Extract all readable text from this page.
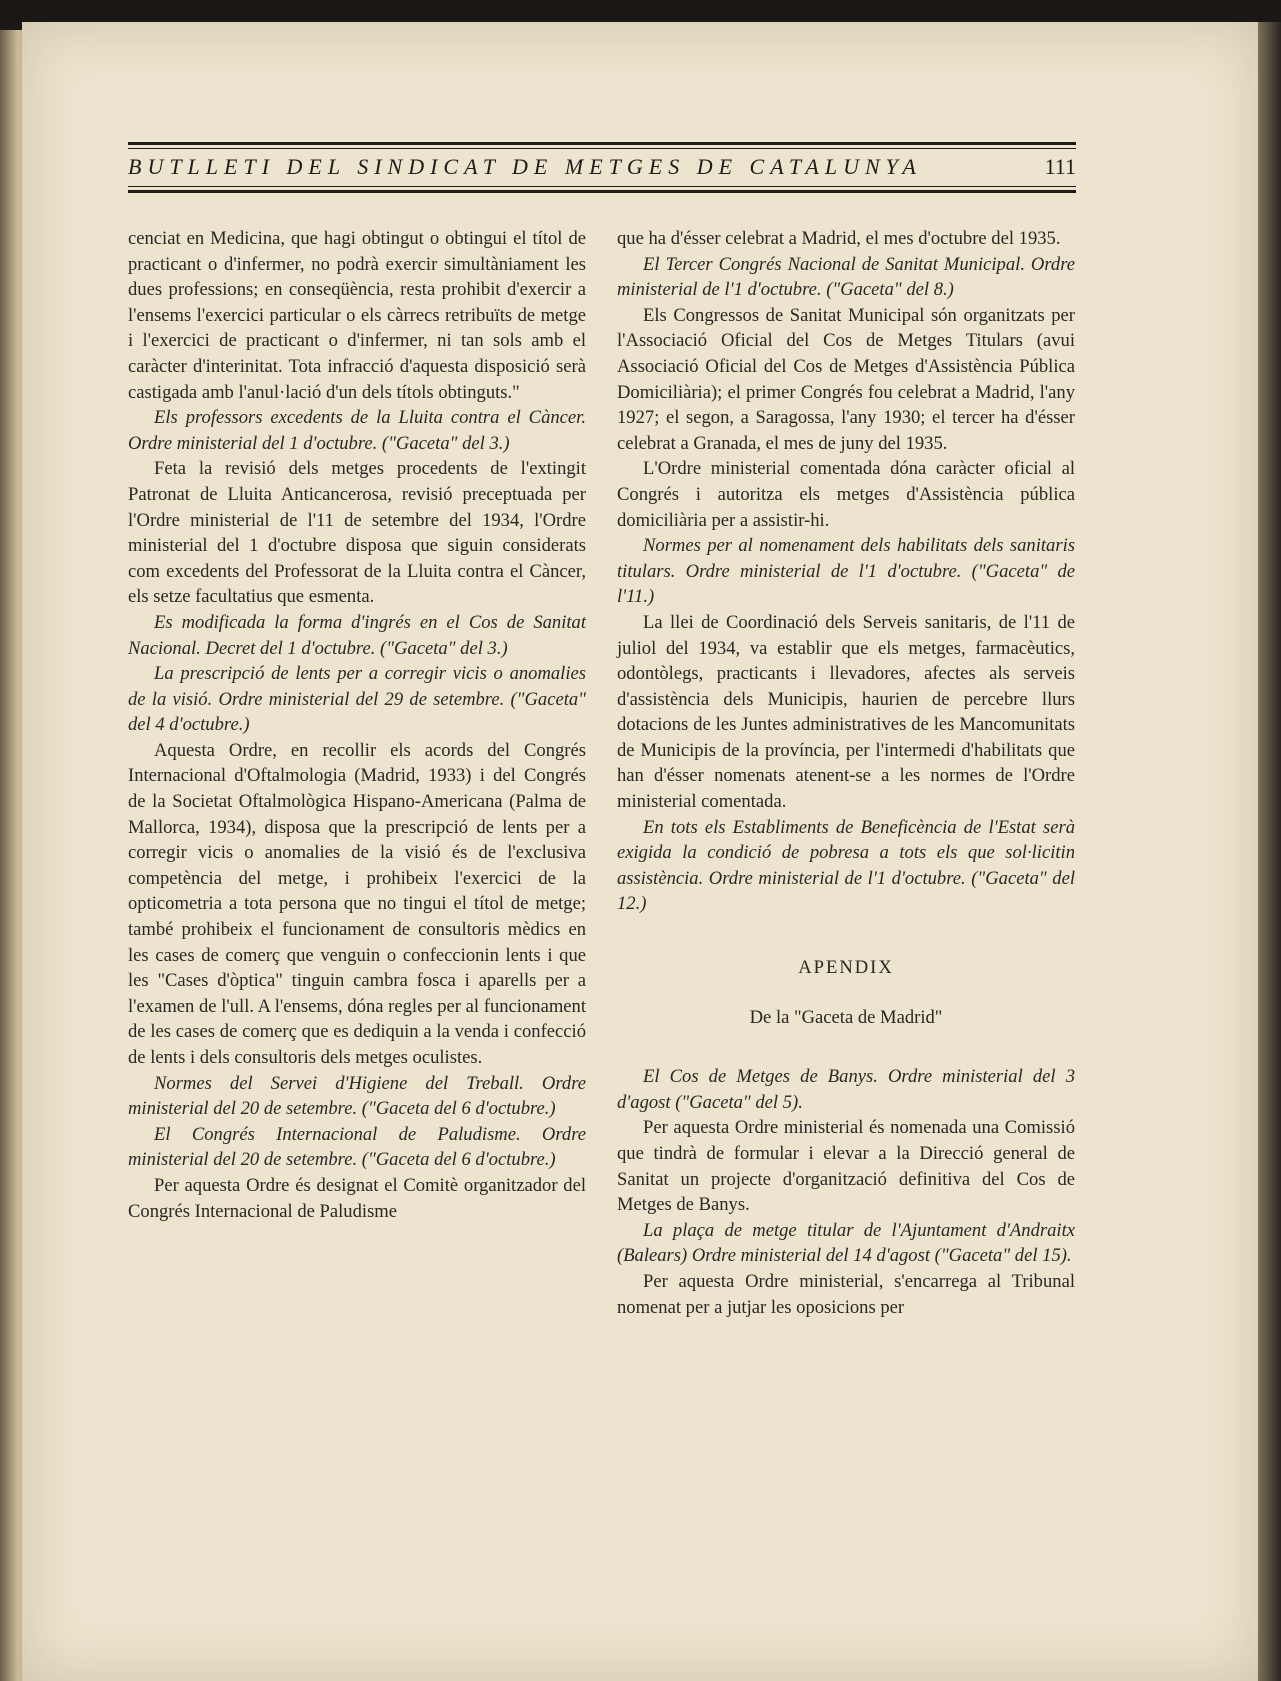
BUTLLETI DEL SINDICAT DE METGES DE CATALUNYA	111

cenciat en Medicina, que hagi obtingut o obtingui el títol de practicant o d'infermer, no podrà exercir simultàniament les dues professions; en conseqüència, resta prohibit d'exercir a l'ensems l'exercici particular o els càrrecs retribuïts de metge i l'exercici de practicant o d'infermer, ni tan sols amb el caràcter d'interinitat. Tota infracció d'aquesta disposició serà castigada amb l'anul·lació d'un dels títols obtinguts."

Els professors excedents de la Lluita contra el Càncer. Ordre ministerial del 1 d'octubre. ("Gaceta" del 3.)

Feta la revisió dels metges procedents de l'extingit Patronat de Lluita Anticancerosa, revisió preceptuada per l'Ordre ministerial de l'11 de setembre del 1934, l'Ordre ministerial del 1 d'octubre disposa que siguin considerats com excedents del Professorat de la Lluita contra el Càncer, els setze facultatius que esmenta.

Es modificada la forma d'ingrés en el Cos de Sanitat Nacional. Decret del 1 d'octubre. ("Gaceta" del 3.)

La prescripció de lents per a corregir vicis o anomalies de la visió. Ordre ministerial del 29 de setembre. ("Gaceta" del 4 d'octubre.)

Aquesta Ordre, en recollir els acords del Congrés Internacional d'Oftalmologia (Madrid, 1933) i del Congrés de la Societat Oftalmològica Hispano-Americana (Palma de Mallorca, 1934), disposa que la prescripció de lents per a corregir vicis o anomalies de la visió és de l'exclusiva competència del metge, i prohibeix l'exercici de la opticometria a tota persona que no tingui el títol de metge; també prohibeix el funcionament de consultoris mèdics en les cases de comerç que venguin o confeccionin lents i que les "Cases d'òptica" tinguin cambra fosca i aparells per a l'examen de l'ull. A l'ensems, dóna regles per al funcionament de les cases de comerç que es dediquin a la venda i confecció de lents i dels consultoris dels metges oculistes.

Normes del Servei d'Higiene del Treball. Ordre ministerial del 20 de setembre. ("Gaceta del 6 d'octubre.)

El Congrés Internacional de Paludisme. Ordre ministerial del 20 de setembre. ("Gaceta del 6 d'octubre.)

Per aquesta Ordre és designat el Comitè organitzador del Congrés Internacional de Paludisme

que ha d'ésser celebrat a Madrid, el mes d'octubre del 1935.

El Tercer Congrés Nacional de Sanitat Municipal. Ordre ministerial de l'1 d'octubre. ("Gaceta" del 8.)

Els Congressos de Sanitat Municipal són organitzats per l'Associació Oficial del Cos de Metges Titulars (avui Associació Oficial del Cos de Metges d'Assistència Pública Domiciliària); el primer Congrés fou celebrat a Madrid, l'any 1927; el segon, a Saragossa, l'any 1930; el tercer ha d'ésser celebrat a Granada, el mes de juny del 1935.

L'Ordre ministerial comentada dóna caràcter oficial al Congrés i autoritza els metges d'Assistència pública domiciliària per a assistir-hi.

Normes per al nomenament dels habilitats dels sanitaris titulars. Ordre ministerial de l'1 d'octubre. ("Gaceta" de l'11.)

La llei de Coordinació dels Serveis sanitaris, de l'11 de juliol del 1934, va establir que els metges, farmacèutics, odontòlegs, practicants i llevadores, afectes als serveis d'assistència dels Municipis, haurien de percebre llurs dotacions de les Juntes administratives de les Mancomunitats de Municipis de la província, per l'intermedi d'habilitats que han d'ésser nomenats atenent-se a les normes de l'Ordre ministerial comentada.

En tots els Establiments de Beneficència de l'Estat serà exigida la condició de pobresa a tots els que sol·licitin assistència. Ordre ministerial de l'1 d'octubre. ("Gaceta" del 12.)

APENDIX

De la "Gaceta de Madrid"

El Cos de Metges de Banys. Ordre ministerial del 3 d'agost ("Gaceta" del 5).

Per aquesta Ordre ministerial és nomenada una Comissió que tindrà de formular i elevar a la Direcció general de Sanitat un projecte d'organització definitiva del Cos de Metges de Banys.

La plaça de metge titular de l'Ajuntament d'Andraitx (Balears) Ordre ministerial del 14 d'agost ("Gaceta" del 15).

Per aquesta Ordre ministerial, s'encarrega al Tribunal nomenat per a jutjar les oposicions per
